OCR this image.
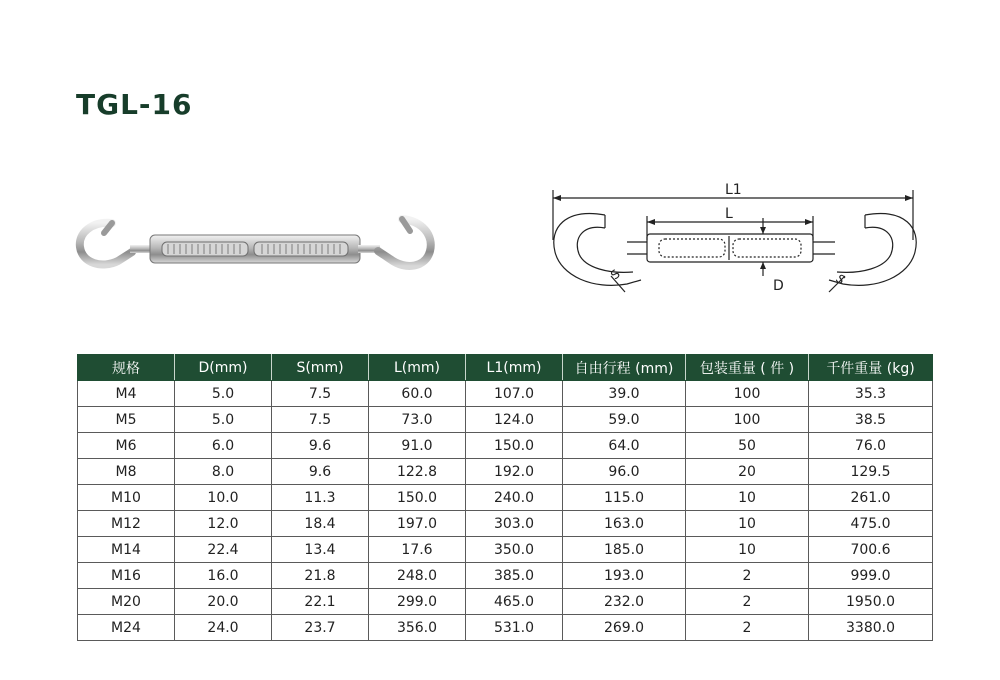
TGL-16
L1
L
D
S	S
规格	D(mm)	S(mm)	L(mm)	L1(mm)	自由行程 (mm)	包装重量 ( 件 )	千件重量 (kg)
M4	5.0	7.5	60.0	107.0	39.0	100	35.3
M5	5.0	7.5	73.0	124.0	59.0	100	38.5
M6	6.0	9.6	91.0	150.0	64.0	50	76.0
M8	8.0	9.6	122.8	192.0	96.0	20	129.5
M10	10.0	11.3	150.0	240.0	115.0	10	261.0
M12	12.0	18.4	197.0	303.0	163.0	10	475.0
M14	22.4	13.4	17.6	350.0	185.0	10	700.6
M16	16.0	21.8	248.0	385.0	193.0	2	999.0
M20	20.0	22.1	299.0	465.0	232.0	2	1950.0
M24	24.0	23.7	356.0	531.0	269.0	2	3380.0
